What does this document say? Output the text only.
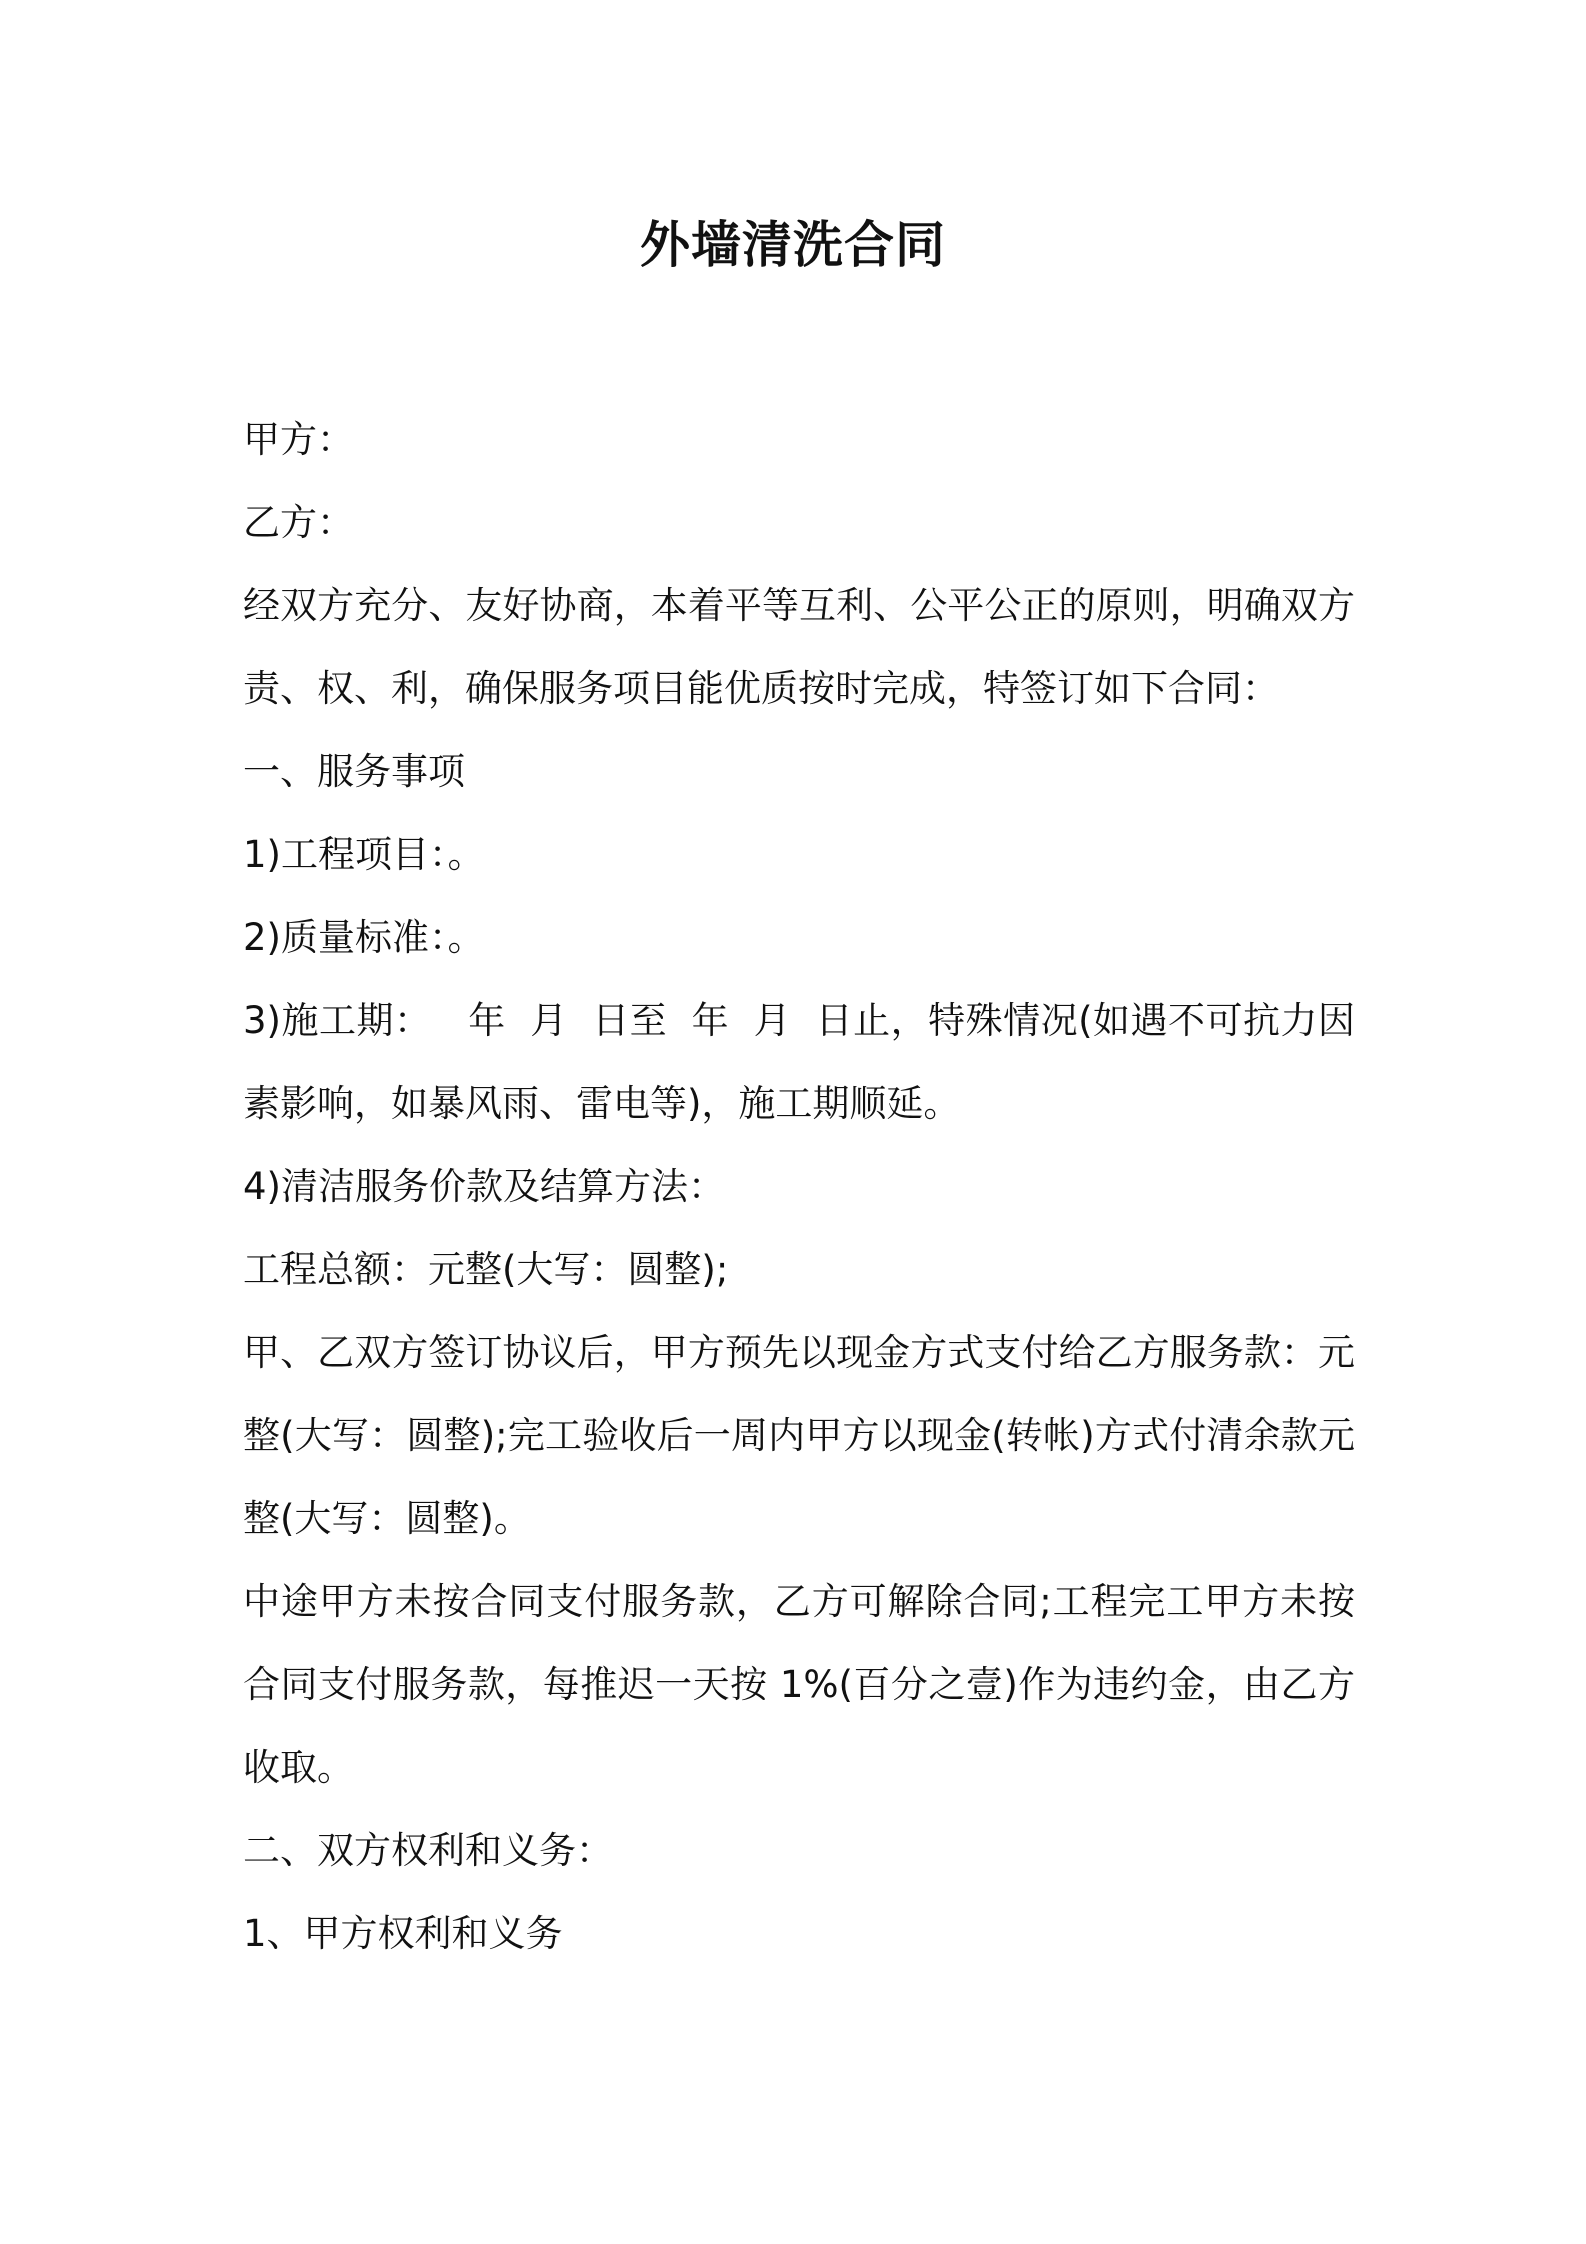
外墙清洗合同

甲方：

乙方：

经双方充分、友好协商，本着平等互利、公平公正的原则，明确双方责、权、利，确保服务项目能优质按时完成，特签订如下合同：

一、服务事项

1)工程项目：。

2)质量标准：。

3)施工期：   年  月  日至  年  月  日止，特殊情况(如遇不可抗力因素影响，如暴风雨、雷电等)，施工期顺延。

4)清洁服务价款及结算方法：

工程总额：元整(大写：圆整);

甲、乙双方签订协议后，甲方预先以现金方式支付给乙方服务款：元整(大写：圆整);完工验收后一周内甲方以现金(转帐)方式付清余款元整(大写：圆整)。

中途甲方未按合同支付服务款，乙方可解除合同;工程完工甲方未按合同支付服务款，每推迟一天按 1%(百分之壹)作为违约金，由乙方收取。

二、双方权利和义务：

1、甲方权利和义务
